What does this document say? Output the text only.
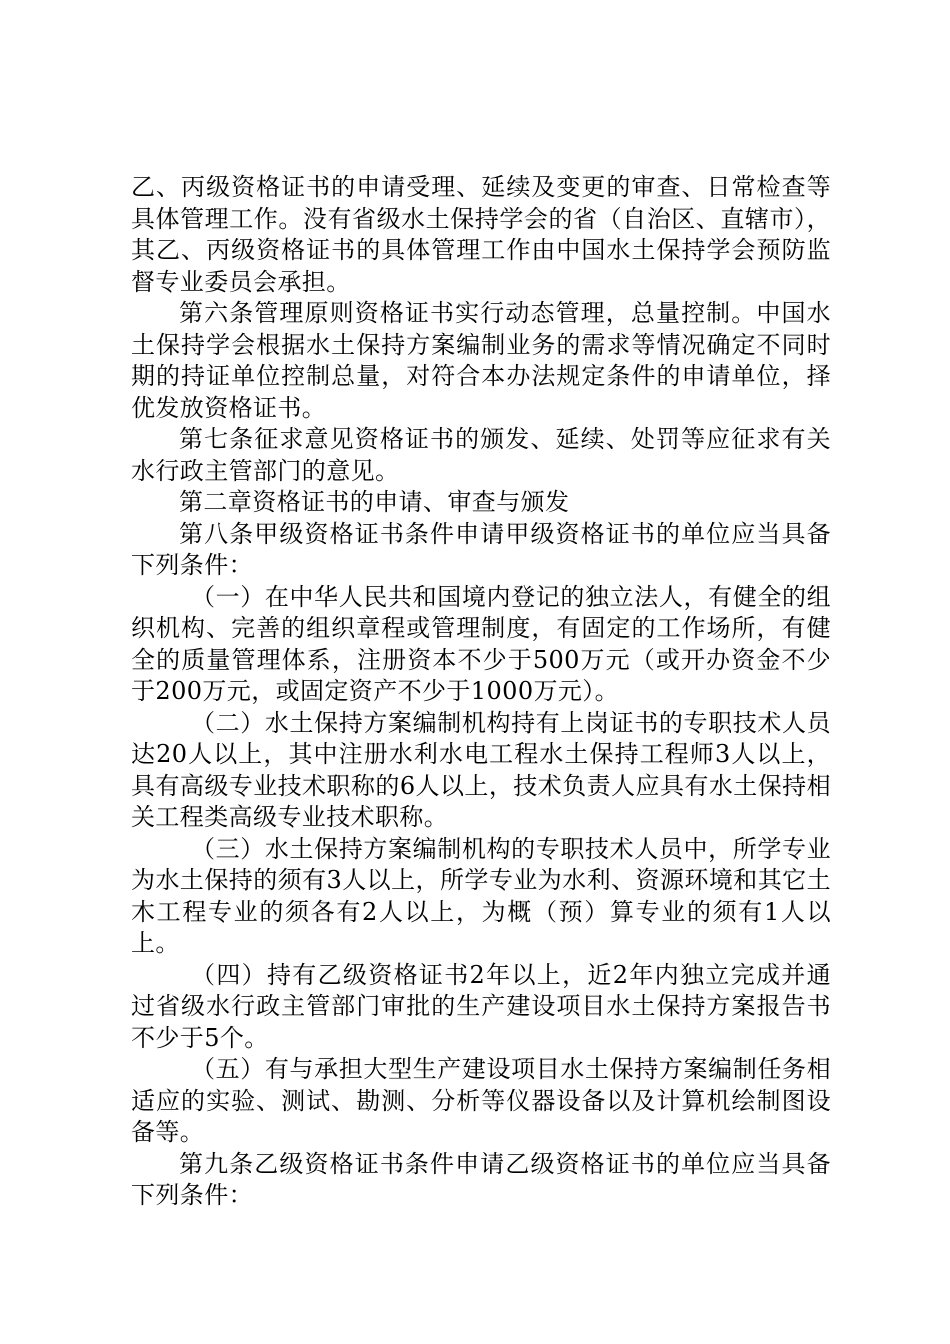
乙、丙级资格证书的申请受理、延续及变更的审查、日常检查等具体管理工作。没有省级水土保持学会的省（自治区、直辖市），其乙、丙级资格证书的具体管理工作由中国水土保持学会预防监督专业委员会承担。

第六条管理原则资格证书实行动态管理，总量控制。中国水土保持学会根据水土保持方案编制业务的需求等情况确定不同时期的持证单位控制总量，对符合本办法规定条件的申请单位，择优发放资格证书。

第七条征求意见资格证书的颁发、延续、处罚等应征求有关水行政主管部门的意见。

第二章资格证书的申请、审查与颁发

第八条甲级资格证书条件申请甲级资格证书的单位应当具备下列条件：

（一）在中华人民共和国境内登记的独立法人，有健全的组织机构、完善的组织章程或管理制度，有固定的工作场所，有健全的质量管理体系，注册资本不少于500万元（或开办资金不少于200万元，或固定资产不少于1000万元）。

（二）水土保持方案编制机构持有上岗证书的专职技术人员达20人以上，其中注册水利水电工程水土保持工程师3人以上，具有高级专业技术职称的6人以上，技术负责人应具有水土保持相关工程类高级专业技术职称。

（三）水土保持方案编制机构的专职技术人员中，所学专业为水土保持的须有3人以上，所学专业为水利、资源环境和其它土木工程专业的须各有2人以上，为概（预）算专业的须有1人以上。

（四）持有乙级资格证书2年以上，近2年内独立完成并通过省级水行政主管部门审批的生产建设项目水土保持方案报告书不少于5个。

（五）有与承担大型生产建设项目水土保持方案编制任务相适应的实验、测试、勘测、分析等仪器设备以及计算机绘制图设备等。

第九条乙级资格证书条件申请乙级资格证书的单位应当具备下列条件：
